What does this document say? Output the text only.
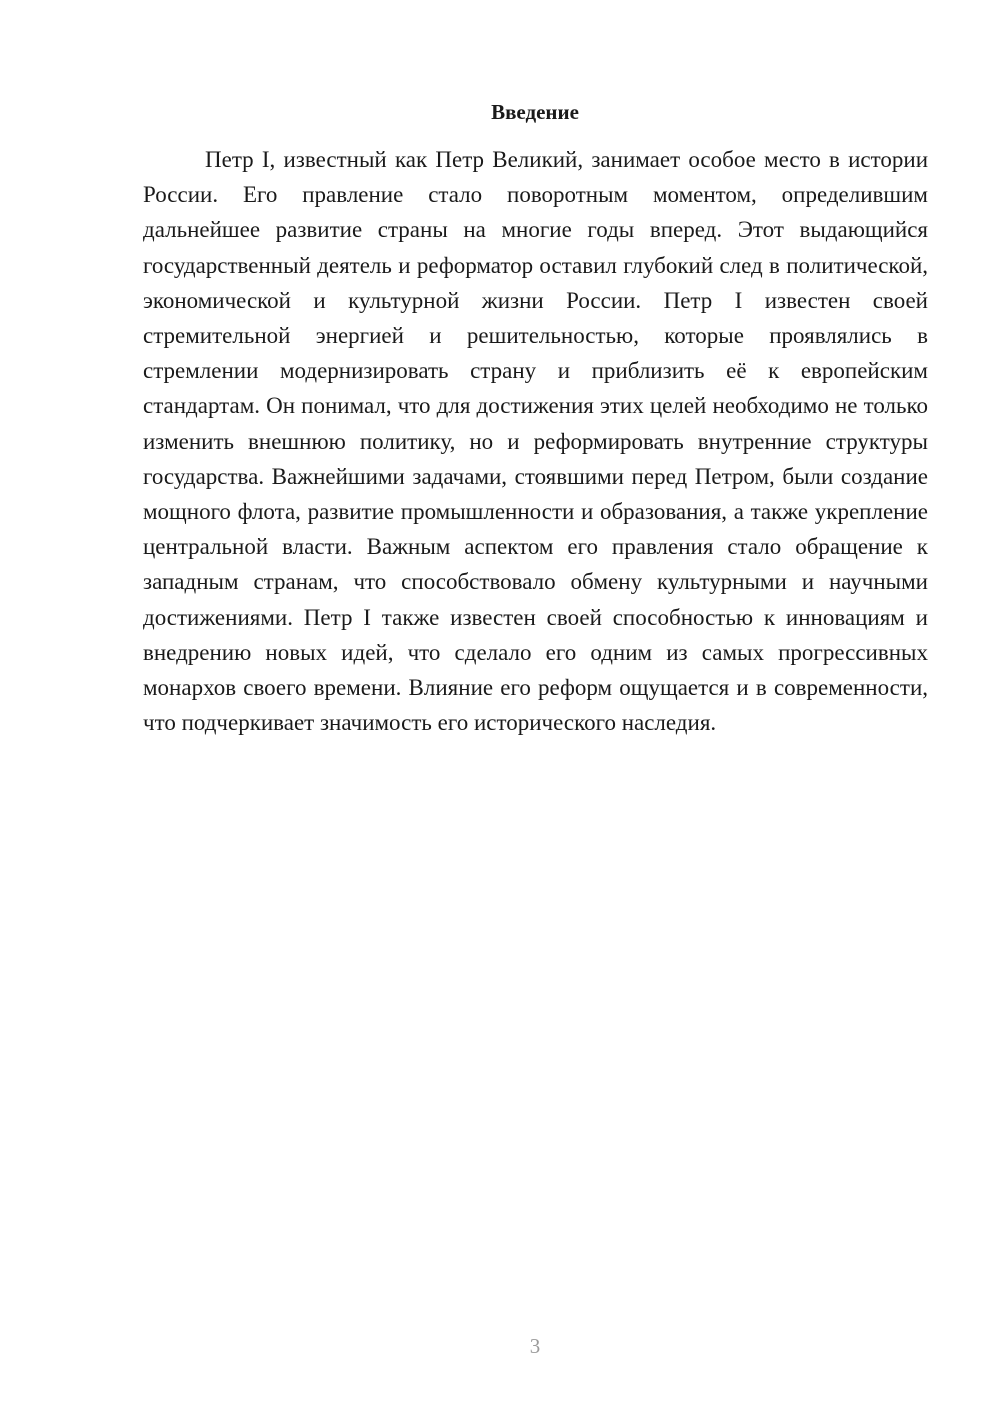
Введение

Петр I, известный как Петр Великий, занимает особое место в истории России. Его правление стало поворотным моментом, определившим дальнейшее развитие страны на многие годы вперед. Этот выдающийся государственный деятель и реформатор оставил глубокий след в политической, экономической и культурной жизни России. Петр I известен своей стремительной энергией и решительностью, которые проявлялись в стремлении модернизировать страну и приблизить её к европейским стандартам. Он понимал, что для достижения этих целей необходимо не только изменить внешнюю политику, но и реформировать внутренние структуры государства. Важнейшими задачами, стоявшими перед Петром, были создание мощного флота, развитие промышленности и образования, а также укрепление центральной власти. Важным аспектом его правления стало обращение к западным странам, что способствовало обмену культурными и научными достижениями. Петр I также известен своей способностью к инновациям и внедрению новых идей, что сделало его одним из самых прогрессивных монархов своего времени. Влияние его реформ ощущается и в современности, что подчеркивает значимость его исторического наследия.

3
